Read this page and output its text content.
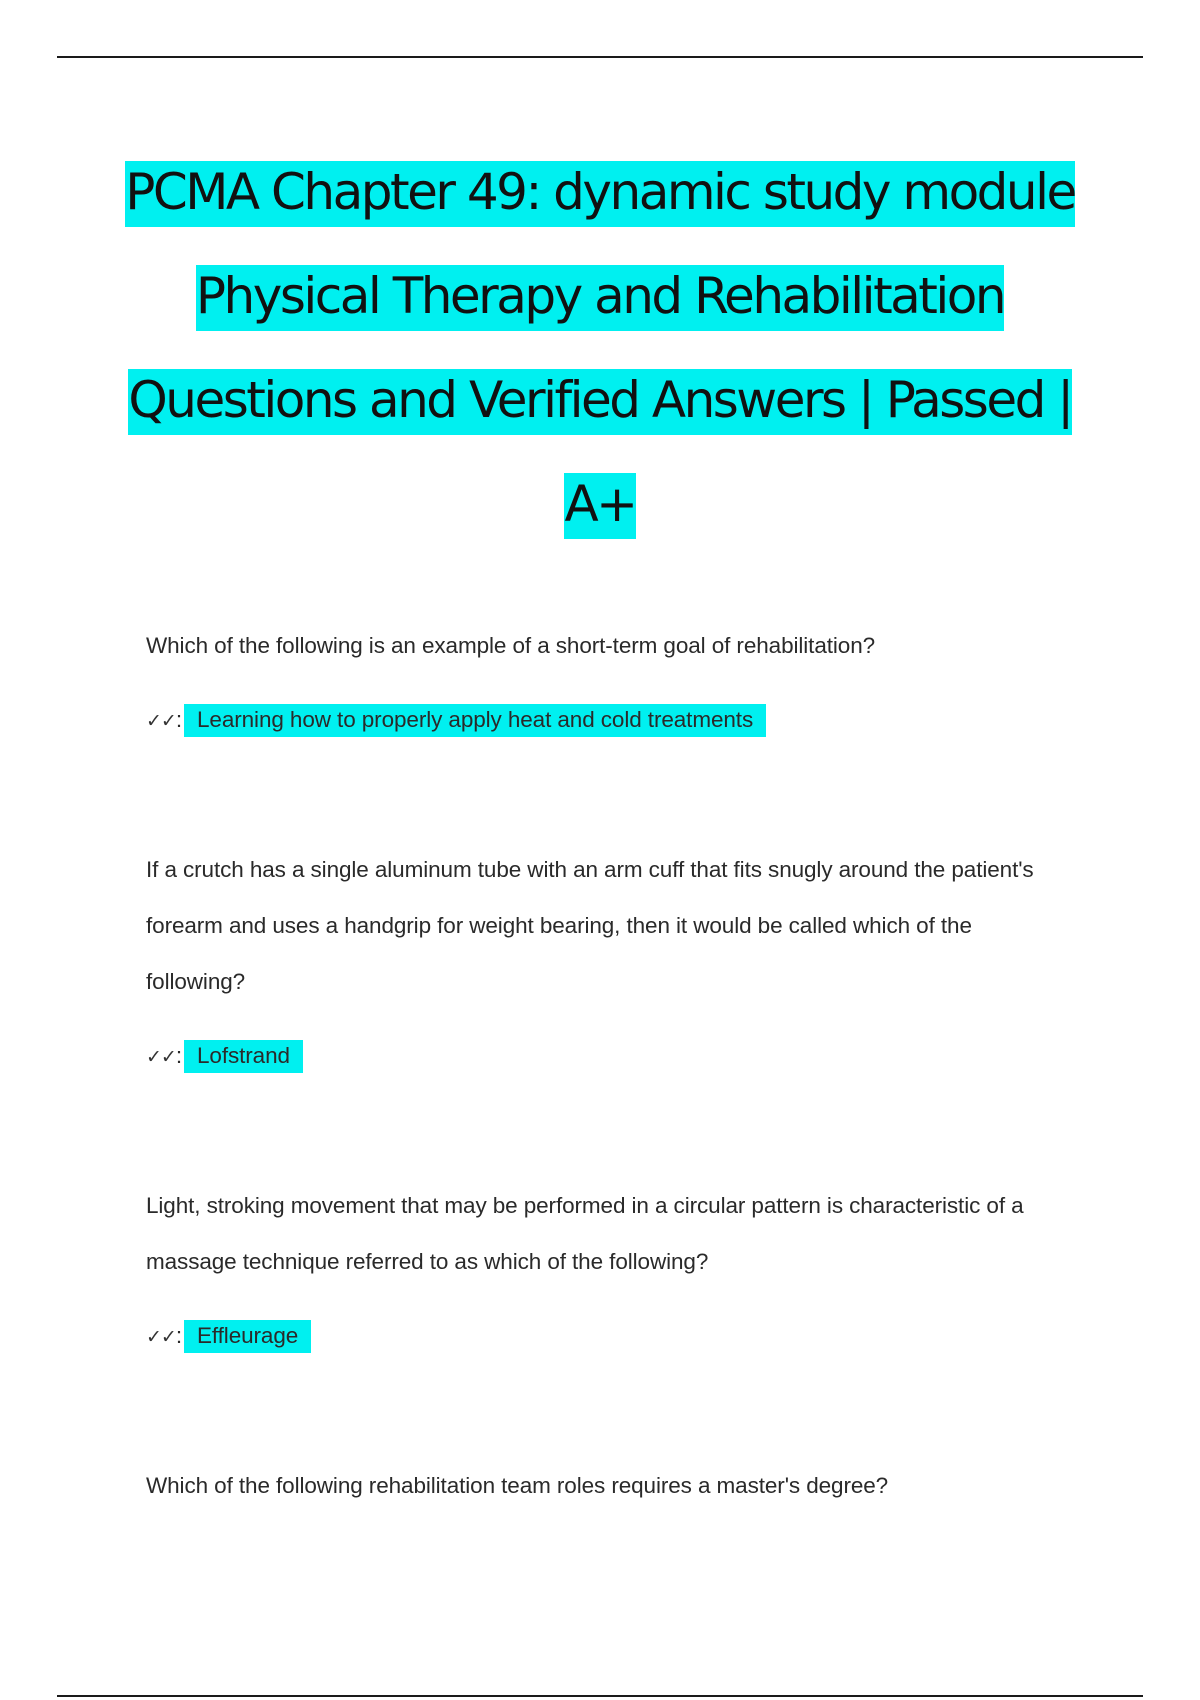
PCMA Chapter 49: dynamic study module
Physical Therapy and Rehabilitation
Questions and Verified Answers | Passed |
A+
Which of the following is an example of a short-term goal of rehabilitation?
✓✓: Learning how to properly apply heat and cold treatments
If a crutch has a single aluminum tube with an arm cuff that fits snugly around the patient's forearm and uses a handgrip for weight bearing, then it would be called which of the following?
✓✓: Lofstrand
Light, stroking movement that may be performed in a circular pattern is characteristic of a massage technique referred to as which of the following?
✓✓: Effleurage
Which of the following rehabilitation team roles requires a master's degree?
